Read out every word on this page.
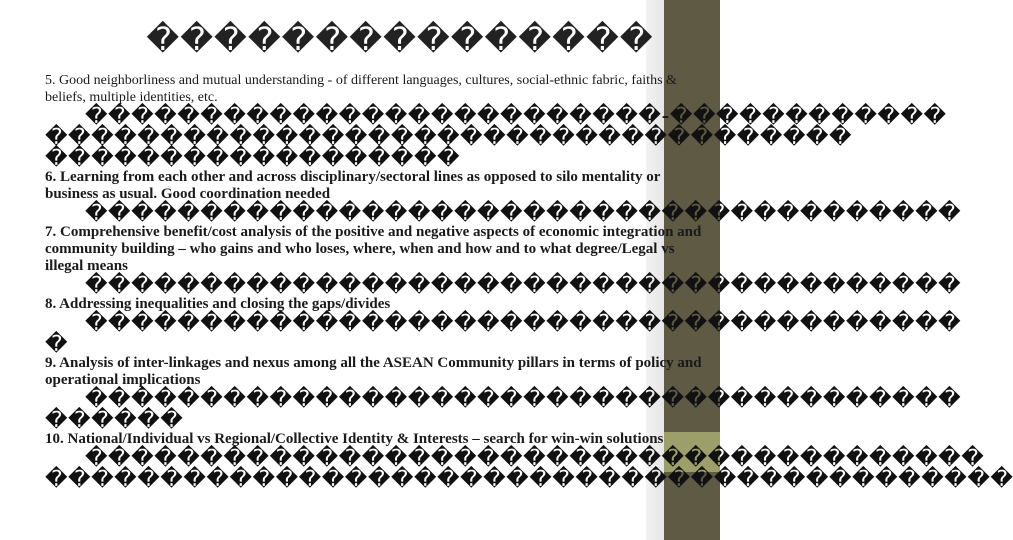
���������������

5. Good neighborliness and mutual understanding - of different languages, cultures, social-ethnic fabric, faiths & beliefs, multiple identities, etc.

�������������������������-������������

�����������������������������������

������������������

6. Learning from each other and across disciplinary/sectoral lines as opposed to silo mentality or business as usual. Good coordination needed

��������������������������������������

7. Comprehensive benefit/cost analysis of the positive and negative aspects of economic integration and community building – who gains and who loses, where, when and how and to what degree/Legal vs illegal means

��������������������������������������

8. Addressing inequalities and closing the gaps/divides

��������������������������������������

�

9. Analysis of inter-linkages and nexus among all the ASEAN Community pillars in terms of policy and operational implications

��������������������������������������

������

10. National/Individual vs Regional/Collective Identity & Interests – search for win-win solutions

���������������������������������������

������������������������������������������
